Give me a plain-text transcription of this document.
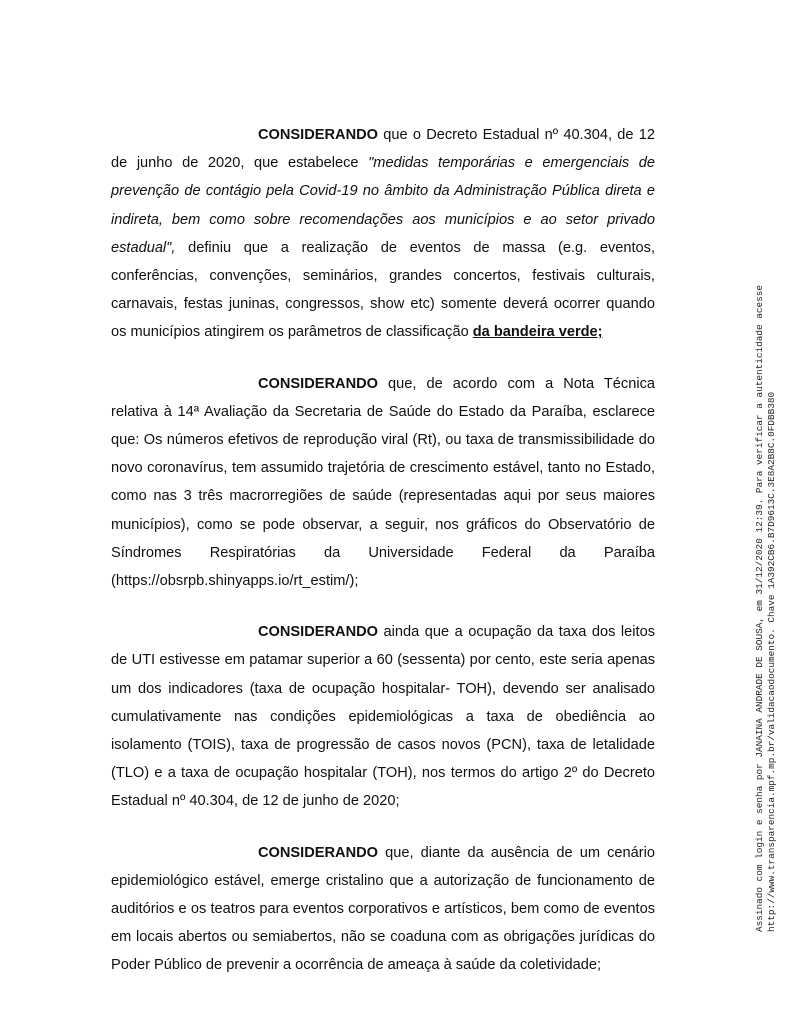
CONSIDERANDO que o Decreto Estadual nº 40.304, de 12 de junho de 2020, que estabelece "medidas temporárias e emergenciais de prevenção de contágio pela Covid-19 no âmbito da Administração Pública direta e indireta, bem como sobre recomendações aos municípios e ao setor privado estadual", definiu que a realização de eventos de massa (e.g. eventos, conferências, convenções, seminários, grandes concertos, festivais culturais, carnavais, festas juninas, congressos, show etc) somente deverá ocorrer quando os municípios atingirem os parâmetros de classificação da bandeira verde;

CONSIDERANDO que, de acordo com a Nota Técnica relativa à 14ª Avaliação da Secretaria de Saúde do Estado da Paraíba, esclarece que: Os números efetivos de reprodução viral (Rt), ou taxa de transmissibilidade do novo coronavírus, tem assumido trajetória de crescimento estável, tanto no Estado, como nas 3 três macrorregiões de saúde (representadas aqui por seus maiores municípios), como se pode observar, a seguir, nos gráficos do Observatório de Síndromes Respiratórias da Universidade Federal da Paraíba (https://obsrpb.shinyapps.io/rt_estim/);

CONSIDERANDO ainda que a ocupação da taxa dos leitos de UTI estivesse em patamar superior a 60 (sessenta) por cento, este seria apenas um dos indicadores (taxa de ocupação hospitalar- TOH), devendo ser analisado cumulativamente nas condições epidemiológicas a taxa de obediência ao isolamento (TOIS), taxa de progressão de casos novos (PCN), taxa de letalidade (TLO) e a taxa de ocupação hospitalar (TOH), nos termos do artigo 2º do Decreto Estadual nº 40.304, de 12 de junho de 2020;

CONSIDERANDO que, diante da ausência de um cenário epidemiológico estável, emerge cristalino que a autorização de funcionamento de auditórios e os teatros para eventos corporativos e artísticos, bem como de eventos em locais abertos ou semiabertos, não se coaduna com as obrigações jurídicas do Poder Público de prevenir a ocorrência de ameaça à saúde da coletividade;

Assinado com login e senha por JANAINA ANDRADE DE SOUSA, em 31/12/2020 12:39. Para verificar a autenticidade acesse http://www.transparencia.mpf.mp.br/validacaodocumento. Chave 1A392CB6.B7D9613C.3E8A2B8C.0FDBB380
